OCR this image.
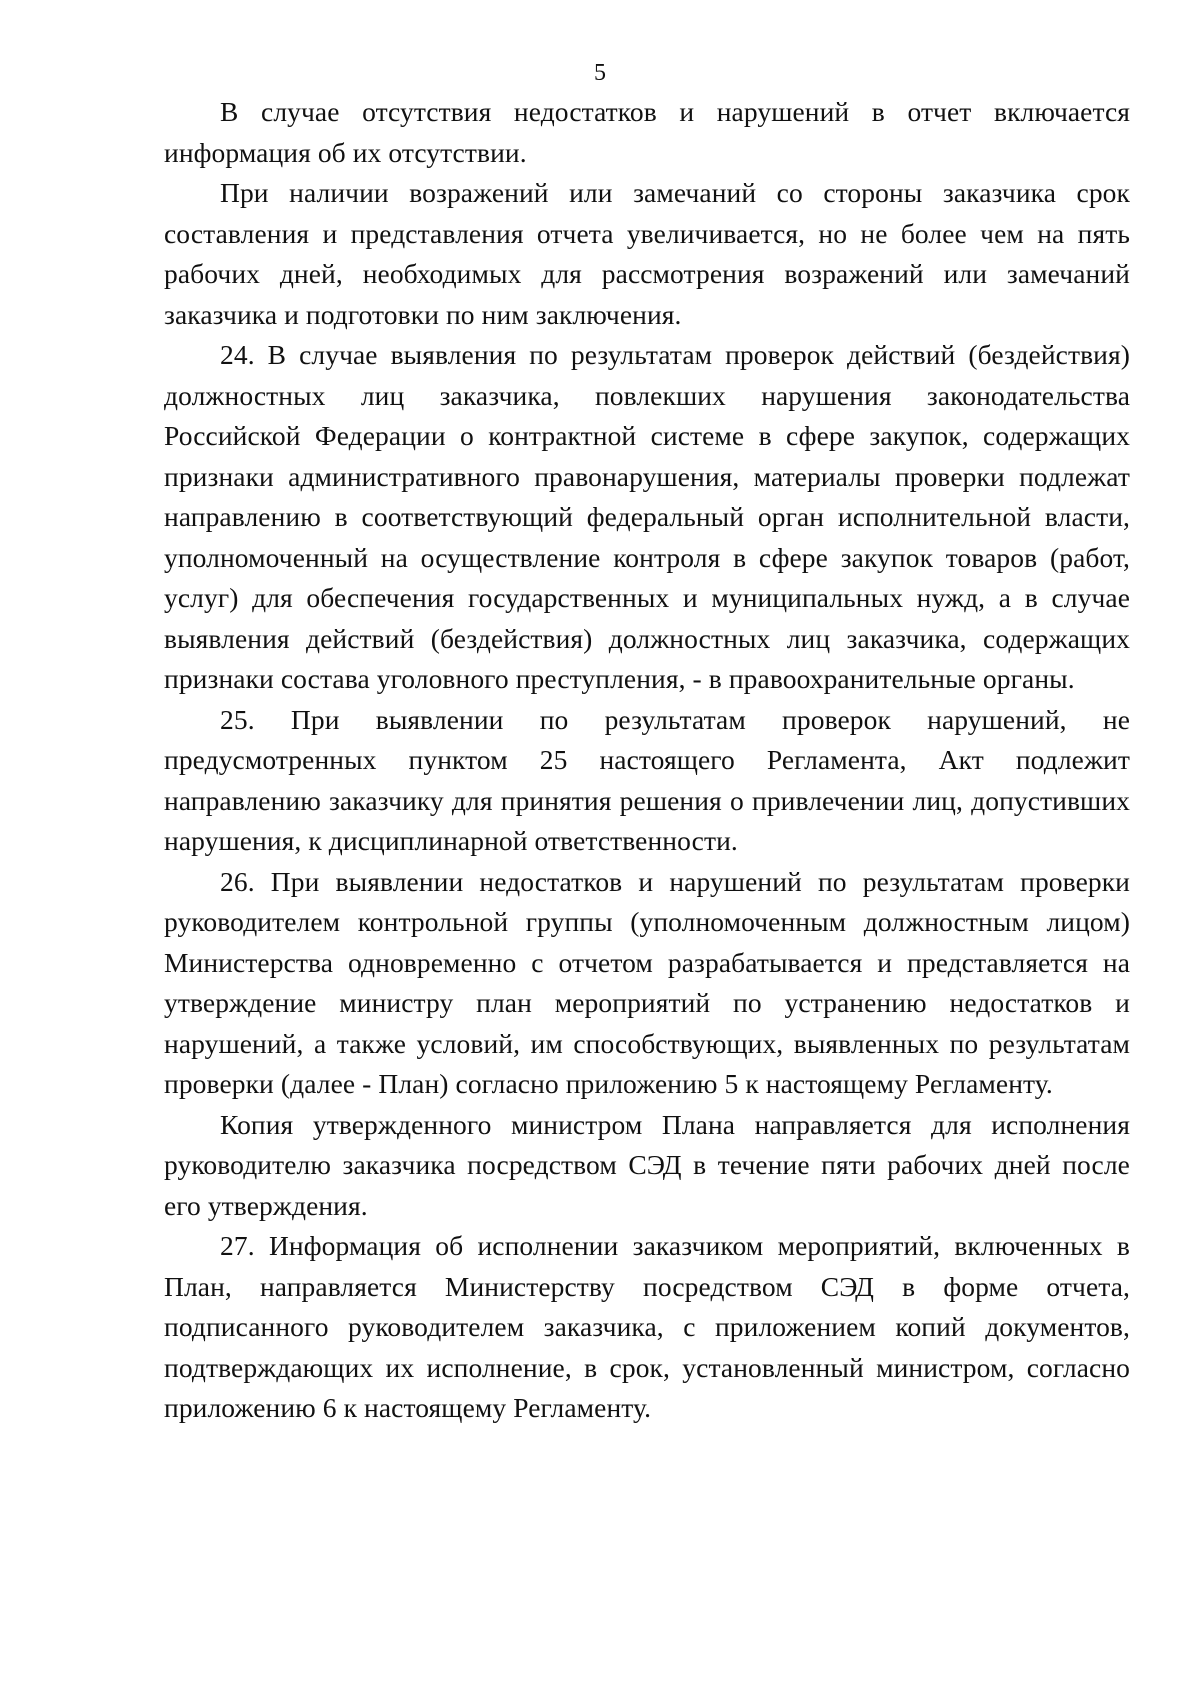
5

В случае отсутствия недостатков и нарушений в отчет включается информация об их отсутствии.

При наличии возражений или замечаний со стороны заказчика срок составления и представления отчета увеличивается, но не более чем на пять рабочих дней, необходимых для рассмотрения возражений или замечаний заказчика и подготовки по ним заключения.

24. В случае выявления по результатам проверок действий (бездействия) должностных лиц заказчика, повлекших нарушения законодательства Российской Федерации о контрактной системе в сфере закупок, содержащих признаки административного правонарушения, материалы проверки подлежат направлению в соответствующий федеральный орган исполнительной власти, уполномоченный на осуществление контроля в сфере закупок товаров (работ, услуг) для обеспечения государственных и муниципальных нужд, а в случае выявления действий (бездействия) должностных лиц заказчика, содержащих признаки состава уголовного преступления, - в правоохранительные органы.

25. При выявлении по результатам проверок нарушений, не предусмотренных пунктом 25 настоящего Регламента, Акт подлежит направлению заказчику для принятия решения о привлечении лиц, допустивших нарушения, к дисциплинарной ответственности.

26. При выявлении недостатков и нарушений по результатам проверки руководителем контрольной группы (уполномоченным должностным лицом) Министерства одновременно с отчетом разрабатывается и представляется на утверждение министру план мероприятий по устранению недостатков и нарушений, а также условий, им способствующих, выявленных по результатам проверки (далее - План) согласно приложению 5 к настоящему Регламенту.

Копия утвержденного министром Плана направляется для исполнения руководителю заказчика посредством СЭД в течение пяти рабочих дней после его утверждения.

27. Информация об исполнении заказчиком мероприятий, включенных в План, направляется Министерству посредством СЭД в форме отчета, подписанного руководителем заказчика, с приложением копий документов, подтверждающих их исполнение, в срок, установленный министром, согласно приложению 6 к настоящему Регламенту.
